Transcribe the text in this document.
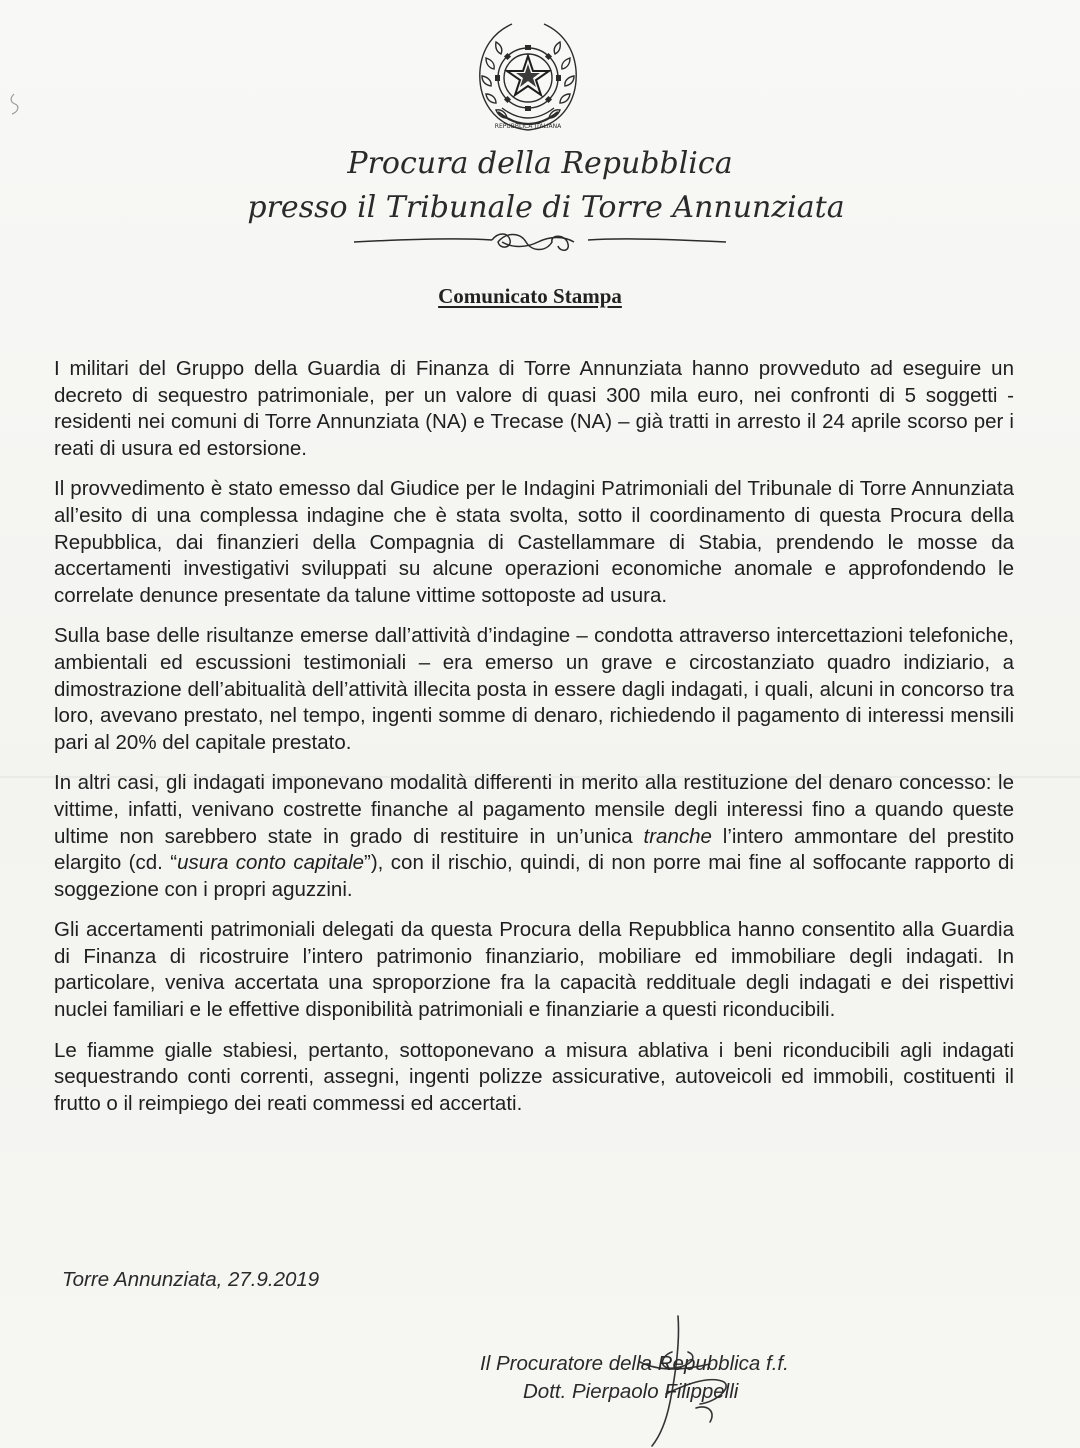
REPUBBLICA ITALIANA
Procura della Repubblica
presso il Tribunale di Torre Annunziata
Comunicato Stampa

I militari del Gruppo della Guardia di Finanza di Torre Annunziata hanno provveduto ad eseguire un decreto di sequestro patrimoniale, per un valore di quasi 300 mila euro, nei confronti di 5 soggetti - residenti nei comuni di Torre Annunziata (NA) e Trecase (NA) – già tratti in arresto il 24 aprile scorso per i reati di usura ed estorsione.

Il provvedimento è stato emesso dal Giudice per le Indagini Patrimoniali del Tribunale di Torre Annunziata all’esito di una complessa indagine che è stata svolta, sotto il coordinamento di questa Procura della Repubblica, dai finanzieri della Compagnia di Castellammare di Stabia, prendendo le mosse da accertamenti investigativi sviluppati su alcune operazioni economiche anomale e approfondendo le correlate denunce presentate da talune vittime sottoposte ad usura.

Sulla base delle risultanze emerse dall’attività d’indagine – condotta attraverso intercettazioni telefoniche, ambientali ed escussioni testimoniali – era emerso un grave e circostanziato quadro indiziario, a dimostrazione dell’abitualità dell’attività illecita posta in essere dagli indagati, i quali, alcuni in concorso tra loro, avevano prestato, nel tempo, ingenti somme di denaro, richiedendo il pagamento di interessi mensili pari al 20% del capitale prestato.

In altri casi, gli indagati imponevano modalità differenti in merito alla restituzione del denaro concesso: le vittime, infatti, venivano costrette finanche al pagamento mensile degli interessi fino a quando queste ultime non sarebbero state in grado di restituire in un’unica tranche l’intero ammontare del prestito elargito (cd. “usura conto capitale”), con il rischio, quindi, di non porre mai fine al soffocante rapporto di soggezione con i propri aguzzini.

Gli accertamenti patrimoniali delegati da questa Procura della Repubblica hanno consentito alla Guardia di Finanza di ricostruire l’intero patrimonio finanziario, mobiliare ed immobiliare degli indagati. In particolare, veniva accertata una sproporzione fra la capacità reddituale degli indagati e dei rispettivi nuclei familiari e le effettive disponibilità patrimoniali e finanziarie a questi riconducibili.

Le fiamme gialle stabiesi, pertanto, sottoponevano a misura ablativa i beni riconducibili agli indagati sequestrando conti correnti, assegni, ingenti polizze assicurative, autoveicoli ed immobili, costituenti il frutto o il reimpiego dei reati commessi ed accertati.

Torre Annunziata, 27.9.2019
Il Procuratore della Repubblica f.f.
Dott. Pierpaolo Filippelli
